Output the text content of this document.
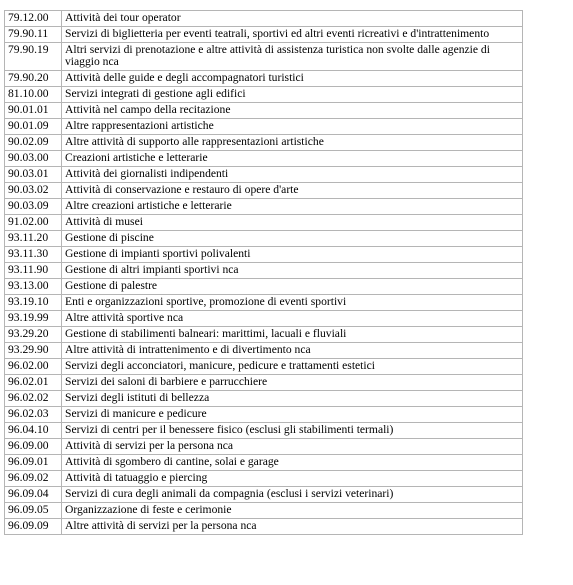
79.12.00	Attività dei tour operator
79.90.11	Servizi di biglietteria per eventi teatrali, sportivi ed altri eventi ricreativi e d'intrattenimento
79.90.19	Altri servizi di prenotazione e altre attività di assistenza turistica non svolte dalle agenzie di viaggio nca
79.90.20	Attività delle guide e degli accompagnatori turistici
81.10.00	Servizi integrati di gestione agli edifici
90.01.01	Attività nel campo della recitazione
90.01.09	Altre rappresentazioni artistiche
90.02.09	Altre attività di supporto alle rappresentazioni artistiche
90.03.00	Creazioni artistiche e letterarie
90.03.01	Attività dei giornalisti indipendenti
90.03.02	Attività di conservazione e restauro di opere d'arte
90.03.09	Altre creazioni artistiche e letterarie
91.02.00	Attività di musei
93.11.20	Gestione di piscine
93.11.30	Gestione di impianti sportivi polivalenti
93.11.90	Gestione di altri impianti sportivi nca
93.13.00	Gestione di palestre
93.19.10	Enti e organizzazioni sportive, promozione di eventi sportivi
93.19.99	Altre attività sportive nca
93.29.20	Gestione di stabilimenti balneari: marittimi, lacuali e fluviali
93.29.90	Altre attività di intrattenimento e di divertimento nca
96.02.00	Servizi degli acconciatori, manicure, pedicure e trattamenti estetici
96.02.01	Servizi dei saloni di barbiere e parrucchiere
96.02.02	Servizi degli istituti di bellezza
96.02.03	Servizi di manicure e pedicure
96.04.10	Servizi di centri per il benessere fisico (esclusi gli stabilimenti termali)
96.09.00	Attività di servizi per la persona nca
96.09.01	Attività di sgombero di cantine, solai e garage
96.09.02	Attività di tatuaggio e piercing
96.09.04	Servizi di cura degli animali da compagnia (esclusi i servizi veterinari)
96.09.05	Organizzazione di feste e cerimonie
96.09.09	Altre attività di servizi per la persona nca
